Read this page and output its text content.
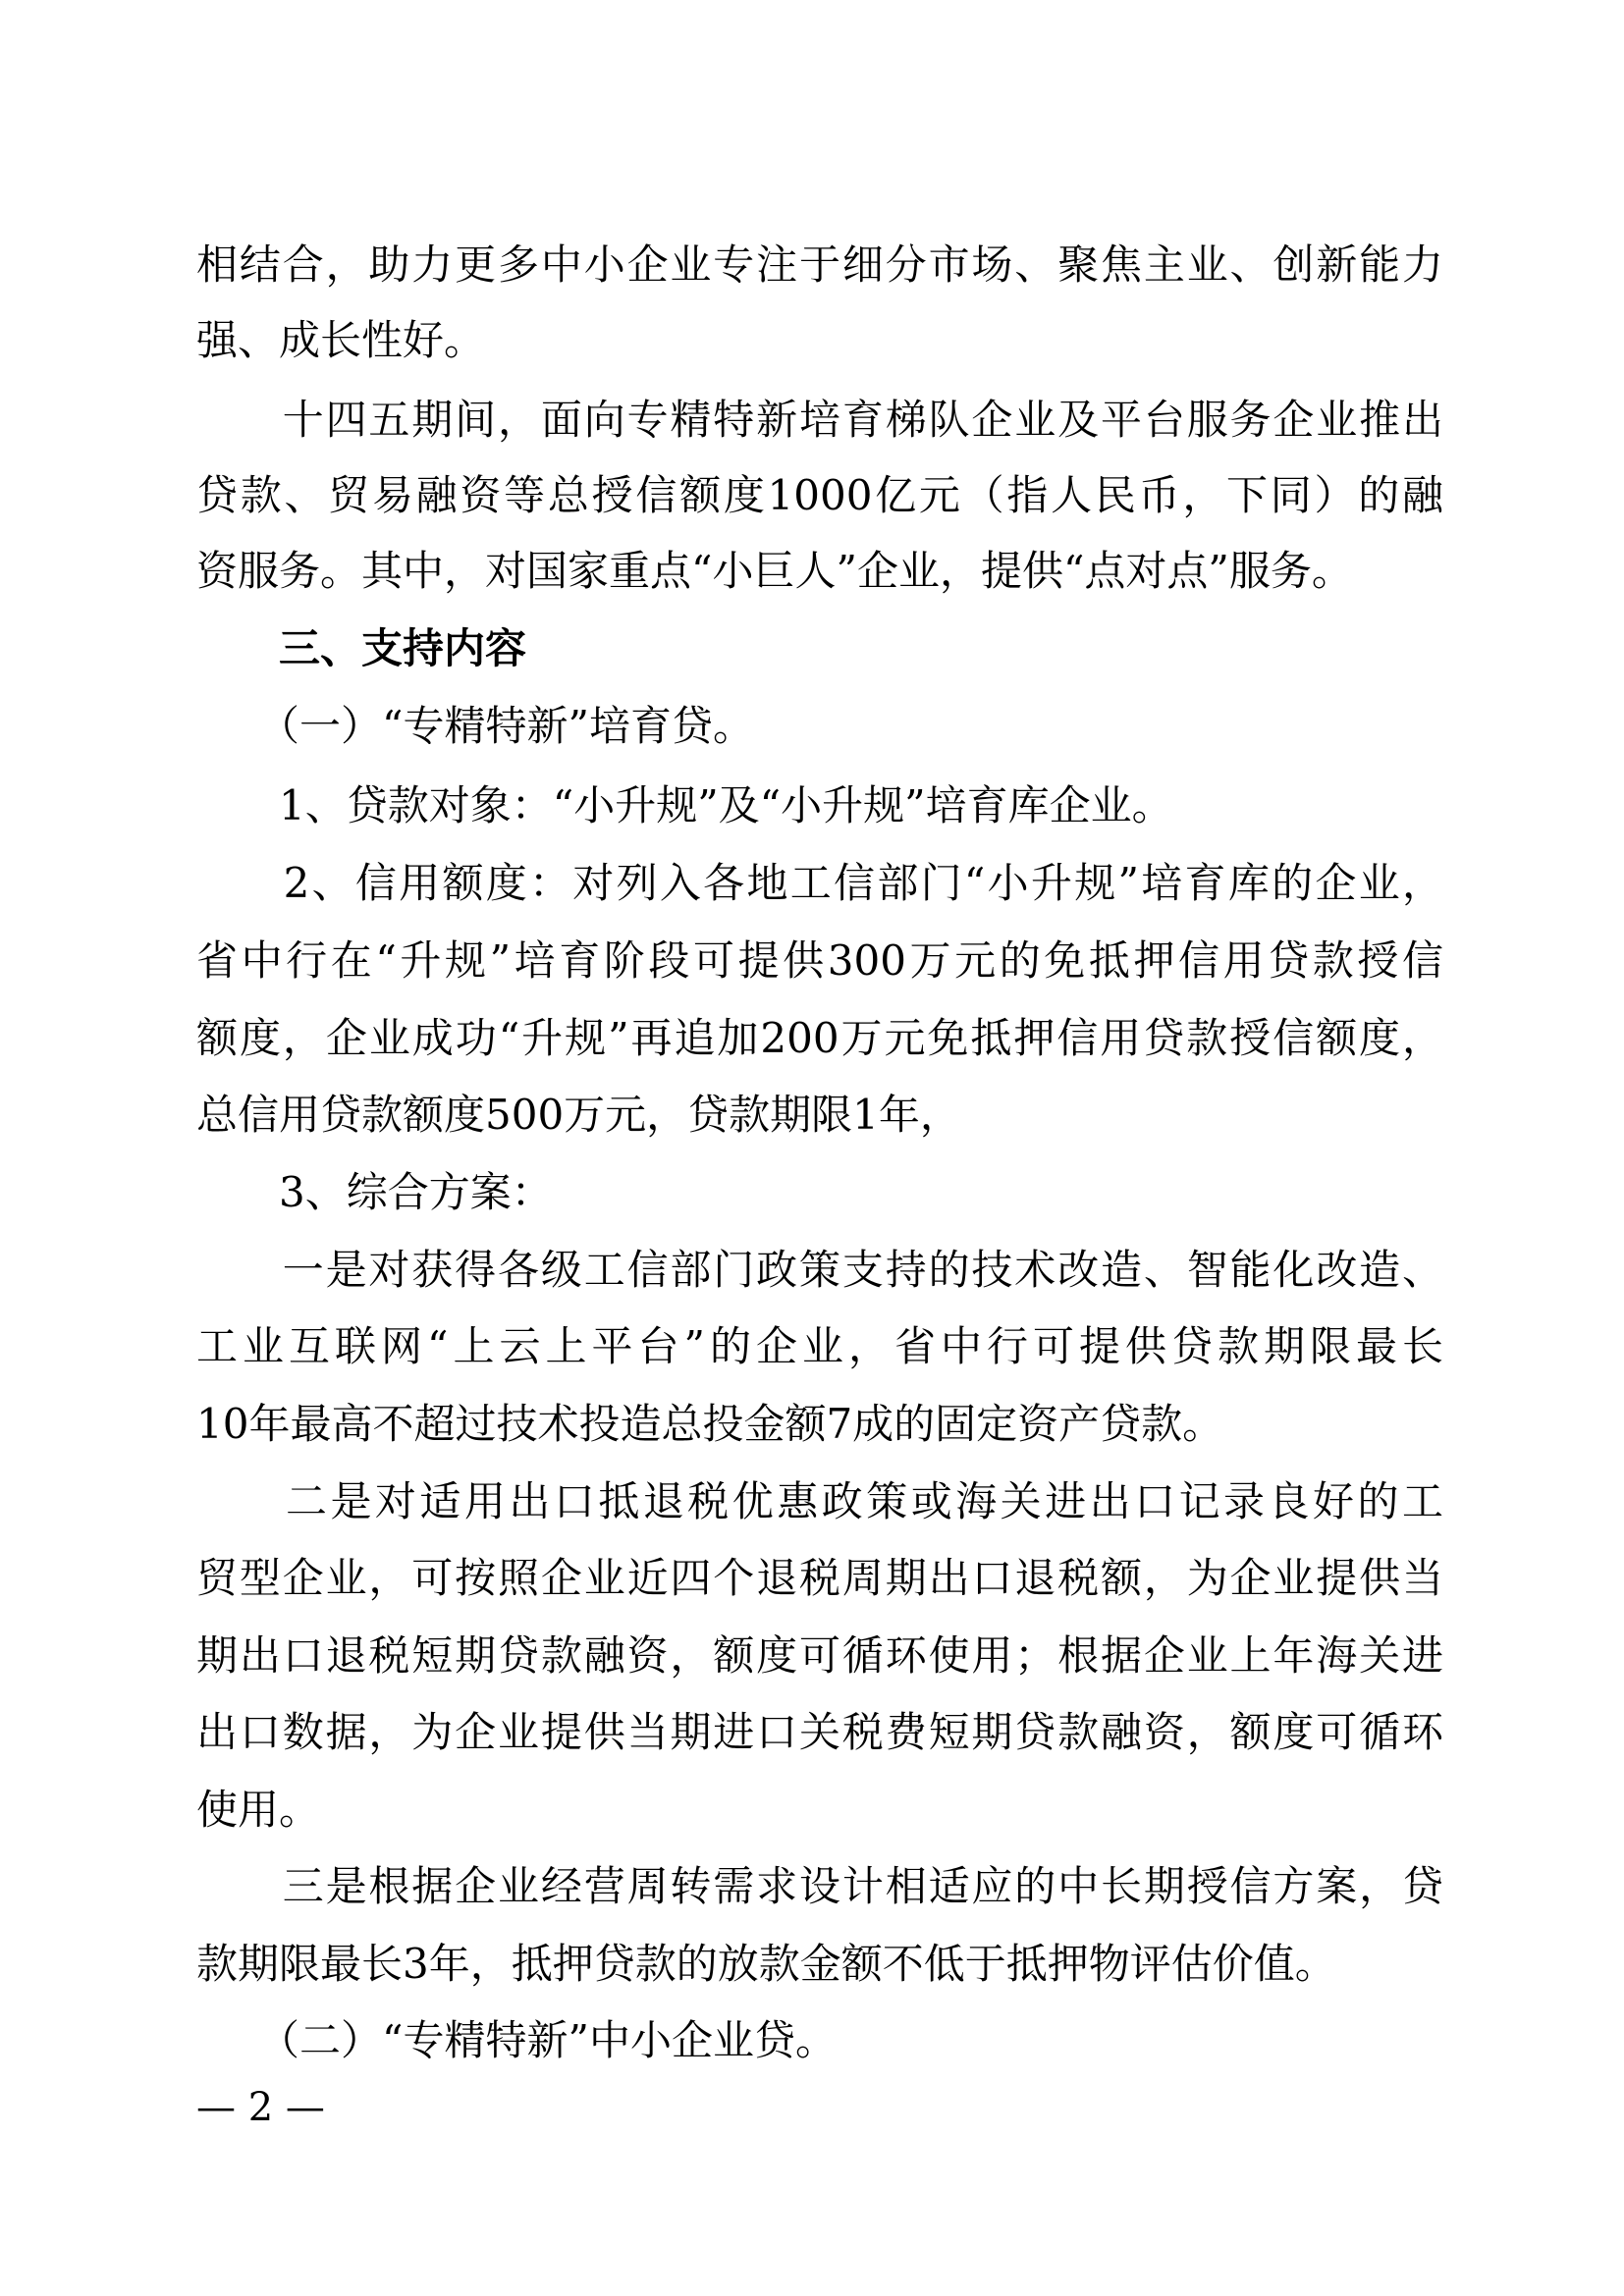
相结合，助力更多中小企业专注于细分市场、聚焦主业、创新能力
强、成长性好。
　　十四五期间，面向专精特新培育梯队企业及平台服务企业推出
贷款、贸易融资等总授信额度1000亿元（指人民币，下同）的融
资服务。其中，对国家重点“小巨人”企业，提供“点对点”服务。
　　三、支持内容
　　（一）“专精特新”培育贷。
　　1、贷款对象：“小升规”及“小升规”培育库企业。
　　2、信用额度：对列入各地工信部门“小升规”培育库的企业，
省中行在“升规”培育阶段可提供300万元的免抵押信用贷款授信
额度，企业成功“升规”再追加200万元免抵押信用贷款授信额度，
总信用贷款额度500万元，贷款期限1年，
　　3、综合方案：
　　一是对获得各级工信部门政策支持的技术改造、智能化改造、
工业互联网“上云上平台”的企业，省中行可提供贷款期限最长
10年最高不超过技术投造总投金额7成的固定资产贷款。
　　二是对适用出口抵退税优惠政策或海关进出口记录良好的工
贸型企业，可按照企业近四个退税周期出口退税额，为企业提供当
期出口退税短期贷款融资，额度可循环使用；根据企业上年海关进
出口数据，为企业提供当期进口关税费短期贷款融资，额度可循环
使用。
　　三是根据企业经营周转需求设计相适应的中长期授信方案，贷
款期限最长3年，抵押贷款的放款金额不低于抵押物评估价值。
　　（二）“专精特新”中小企业贷。
— 2 —
